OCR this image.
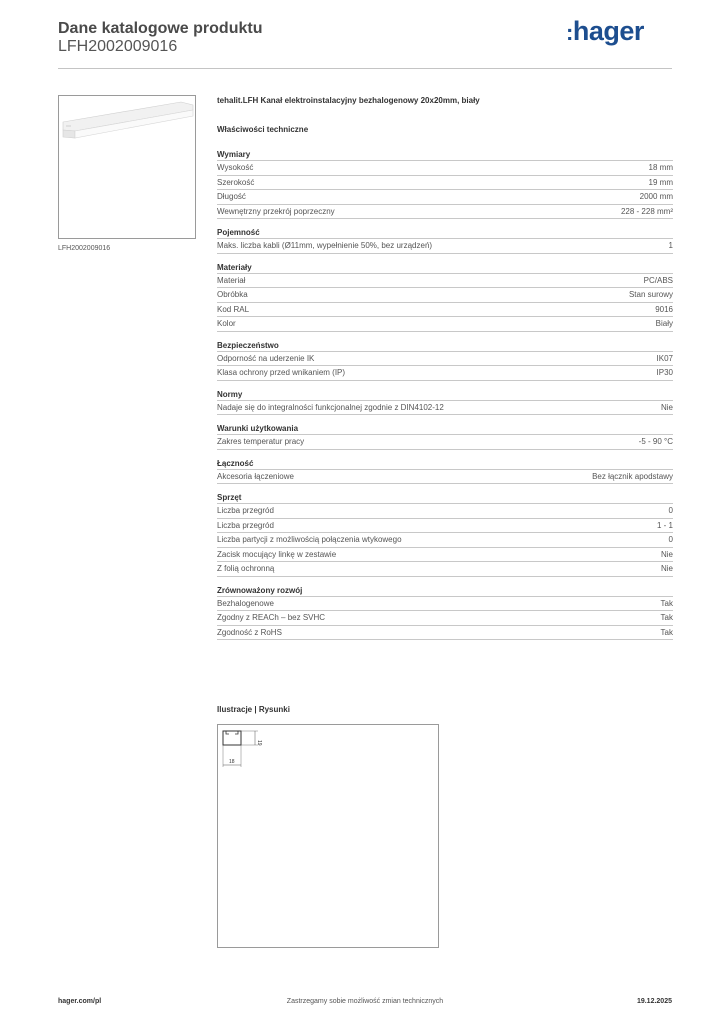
Dane katalogowe produktu
LFH2002009016
:hager
LFH2002009016
tehalit.LFH Kanał elektroinstalacyjny bezhalogenowy 20x20mm, biały
Właściwości techniczne
Wymiary
Wysokość	18 mm
Szerokość	19 mm
Długość	2000 mm
Wewnętrzny przekrój poprzeczny	228 - 228 mm²
Pojemność
Maks. liczba kabli (Ø11mm, wypełnienie 50%, bez urządzeń)	1
Materiały
Materiał	PC/ABS
Obróbka	Stan surowy
Kod RAL	9016
Kolor	Biały
Bezpieczeństwo
Odporność na uderzenie IK	IK07
Klasa ochrony przed wnikaniem (IP)	IP30
Normy
Nadaje się do integralności funkcjonalnej zgodnie z DIN4102-12	Nie
Warunki użytkowania
Zakres temperatur pracy	-5 - 90 °C
Łączność
Akcesoria łączeniowe	Bez łącznik apodstawy
Sprzęt
Liczba przegród	0
Liczba przegród	1 - 1
Liczba partycji z możliwością połączenia wtykowego	0
Zacisk mocujący linkę w zestawie	Nie
Z folią ochronną	Nie
Zrównoważony rozwój
Bezhalogenowe	Tak
Zgodny z REACh – bez SVHC	Tak
Zgodność z RoHS	Tak
Ilustracje | Rysunki
19
18
hager.com/pl	Zastrzegamy sobie możliwość zmian technicznych	19.12.2025
